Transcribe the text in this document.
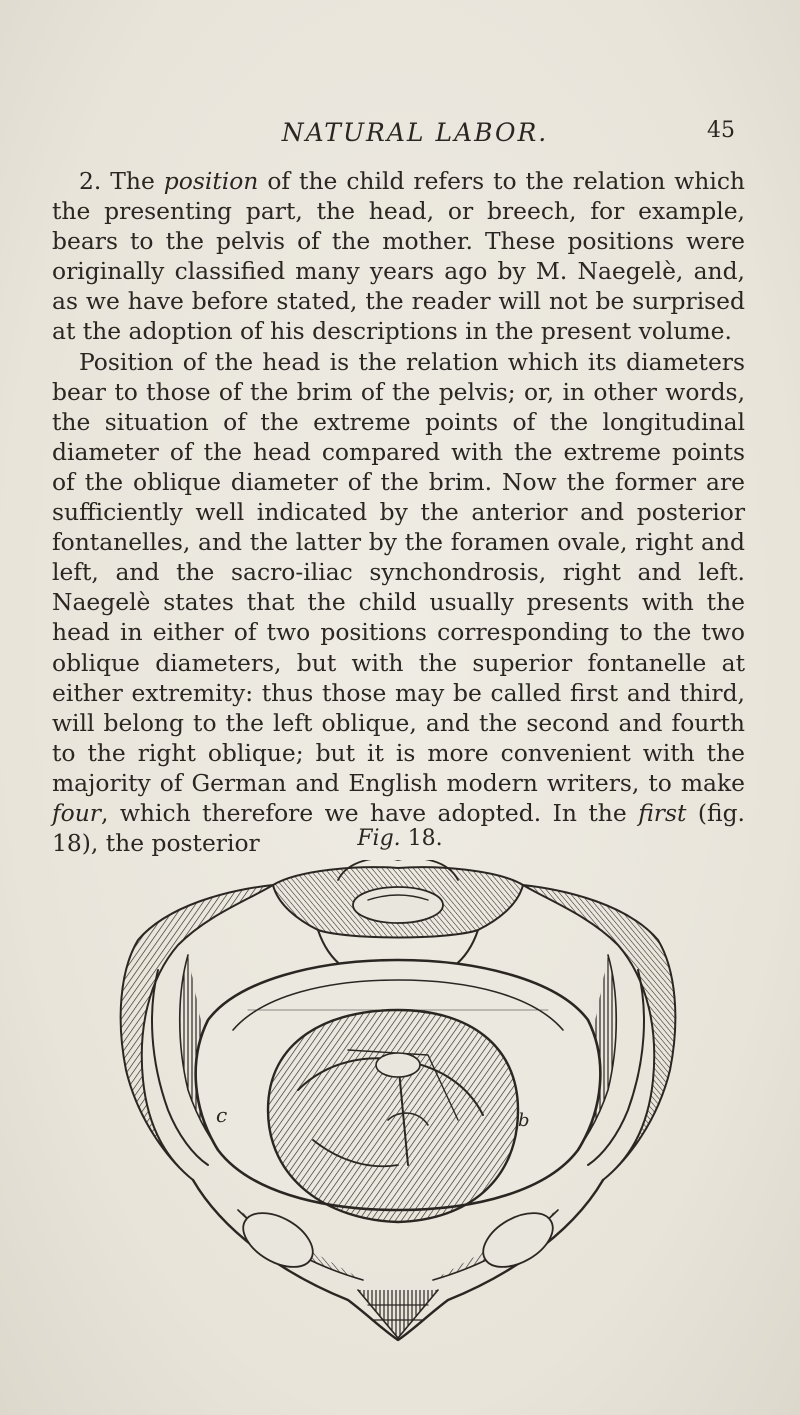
NATURAL LABOR.	45

2. The position of the child refers to the relation which the presenting part, the head, or breech, for example, bears to the pelvis of the mother. These positions were originally classified many years ago by M. Naegelè, and, as we have before stated, the reader will not be surprised at the adoption of his descriptions in the present volume.

Position of the head is the relation which its diameters bear to those of the brim of the pelvis; or, in other words, the situation of the extreme points of the longitudinal diameter of the head compared with the extreme points of the oblique diameter of the brim. Now the former are sufficiently well indicated by the anterior and posterior fontanelles, and the latter by the foramen ovale, right and left, and the sacro-iliac synchondrosis, right and left. Naegelè states that the child usually presents with the head in either of two positions corresponding to the two oblique diameters, but with the superior fontanelle at either extremity: thus those may be called first and third, will belong to the left oblique, and the second and fourth to the right oblique; but it is more convenient with the majority of German and English modern writers, to make four, which therefore we have adopted. In the first (fig. 18), the posterior	Fig. 18.
c	b
